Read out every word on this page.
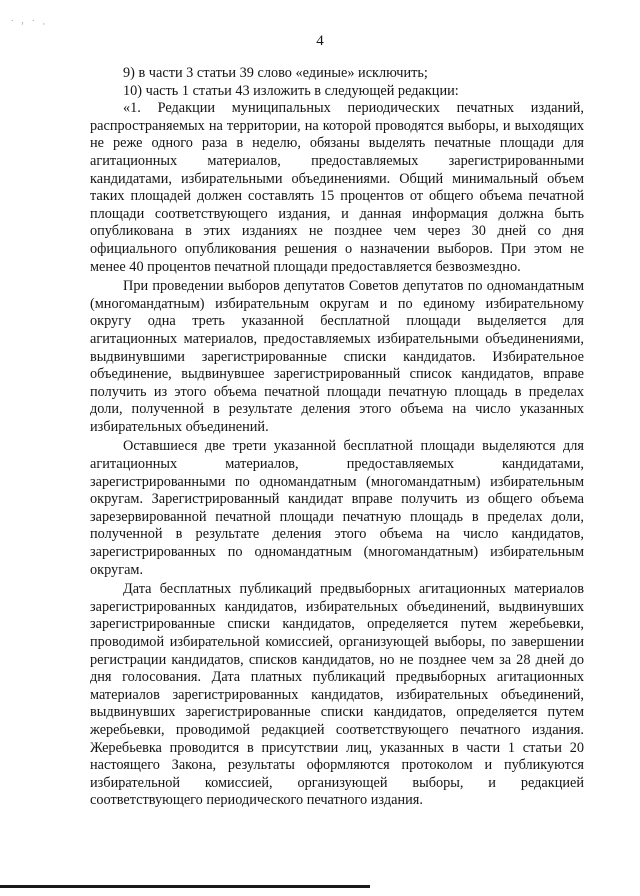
˙ ˒ ˙ ·
4

9) в части 3 статьи 39 слово «единые» исключить;

10) часть 1 статьи 43 изложить в следующей редакции:

«1. Редакции муниципальных периодических печатных изданий, распространяемых на территории, на которой проводятся выборы, и выходящих не реже одного раза в неделю, обязаны выделять печатные площади для агитационных материалов, предоставляемых зарегистрированными кандидатами, избирательными объединениями. Общий минимальный объем таких площадей должен составлять 15 процентов от общего объема печатной площади соответствующего издания, и данная информация должна быть опубликована в этих изданиях не позднее чем через 30 дней со дня официального опубликования решения о назначении выборов. При этом не менее 40 процентов печатной площади предоставляется безвозмездно.

При проведении выборов депутатов Советов депутатов по одномандатным (многомандатным) избирательным округам и по единому избирательному округу одна треть указанной бесплатной площади выделяется для агитационных материалов, предоставляемых избирательными объединениями, выдвинувшими зарегистрированные списки кандидатов. Избирательное объединение, выдвинувшее зарегистрированный список кандидатов, вправе получить из этого объема печатной площади печатную площадь в пределах доли, полученной в результате деления этого объема на число указанных избирательных объединений.

Оставшиеся две трети указанной бесплатной площади выделяются для агитационных материалов, предоставляемых кандидатами, зарегистрированными по одномандатным (многомандатным) избирательным округам. Зарегистрированный кандидат вправе получить из общего объема зарезервированной печатной площади печатную площадь в пределах доли, полученной в результате деления этого объема на число кандидатов, зарегистрированных по одномандатным (многомандатным) избирательным округам.

Дата бесплатных публикаций предвыборных агитационных материалов зарегистрированных кандидатов, избирательных объединений, выдвинувших зарегистрированные списки кандидатов, определяется путем жеребьевки, проводимой избирательной комиссией, организующей выборы, по завершении регистрации кандидатов, списков кандидатов, но не позднее чем за 28 дней до дня голосования. Дата платных публикаций предвыборных агитационных материалов зарегистрированных кандидатов, избирательных объединений, выдвинувших зарегистрированные списки кандидатов, определяется путем жеребьевки, проводимой редакцией соответствующего печатного издания. Жеребьевка проводится в присутствии лиц, указанных в части 1 статьи 20 настоящего Закона, результаты оформляются протоколом и публикуются избирательной комиссией, организующей выборы, и редакцией соответствующего периодического печатного издания.
